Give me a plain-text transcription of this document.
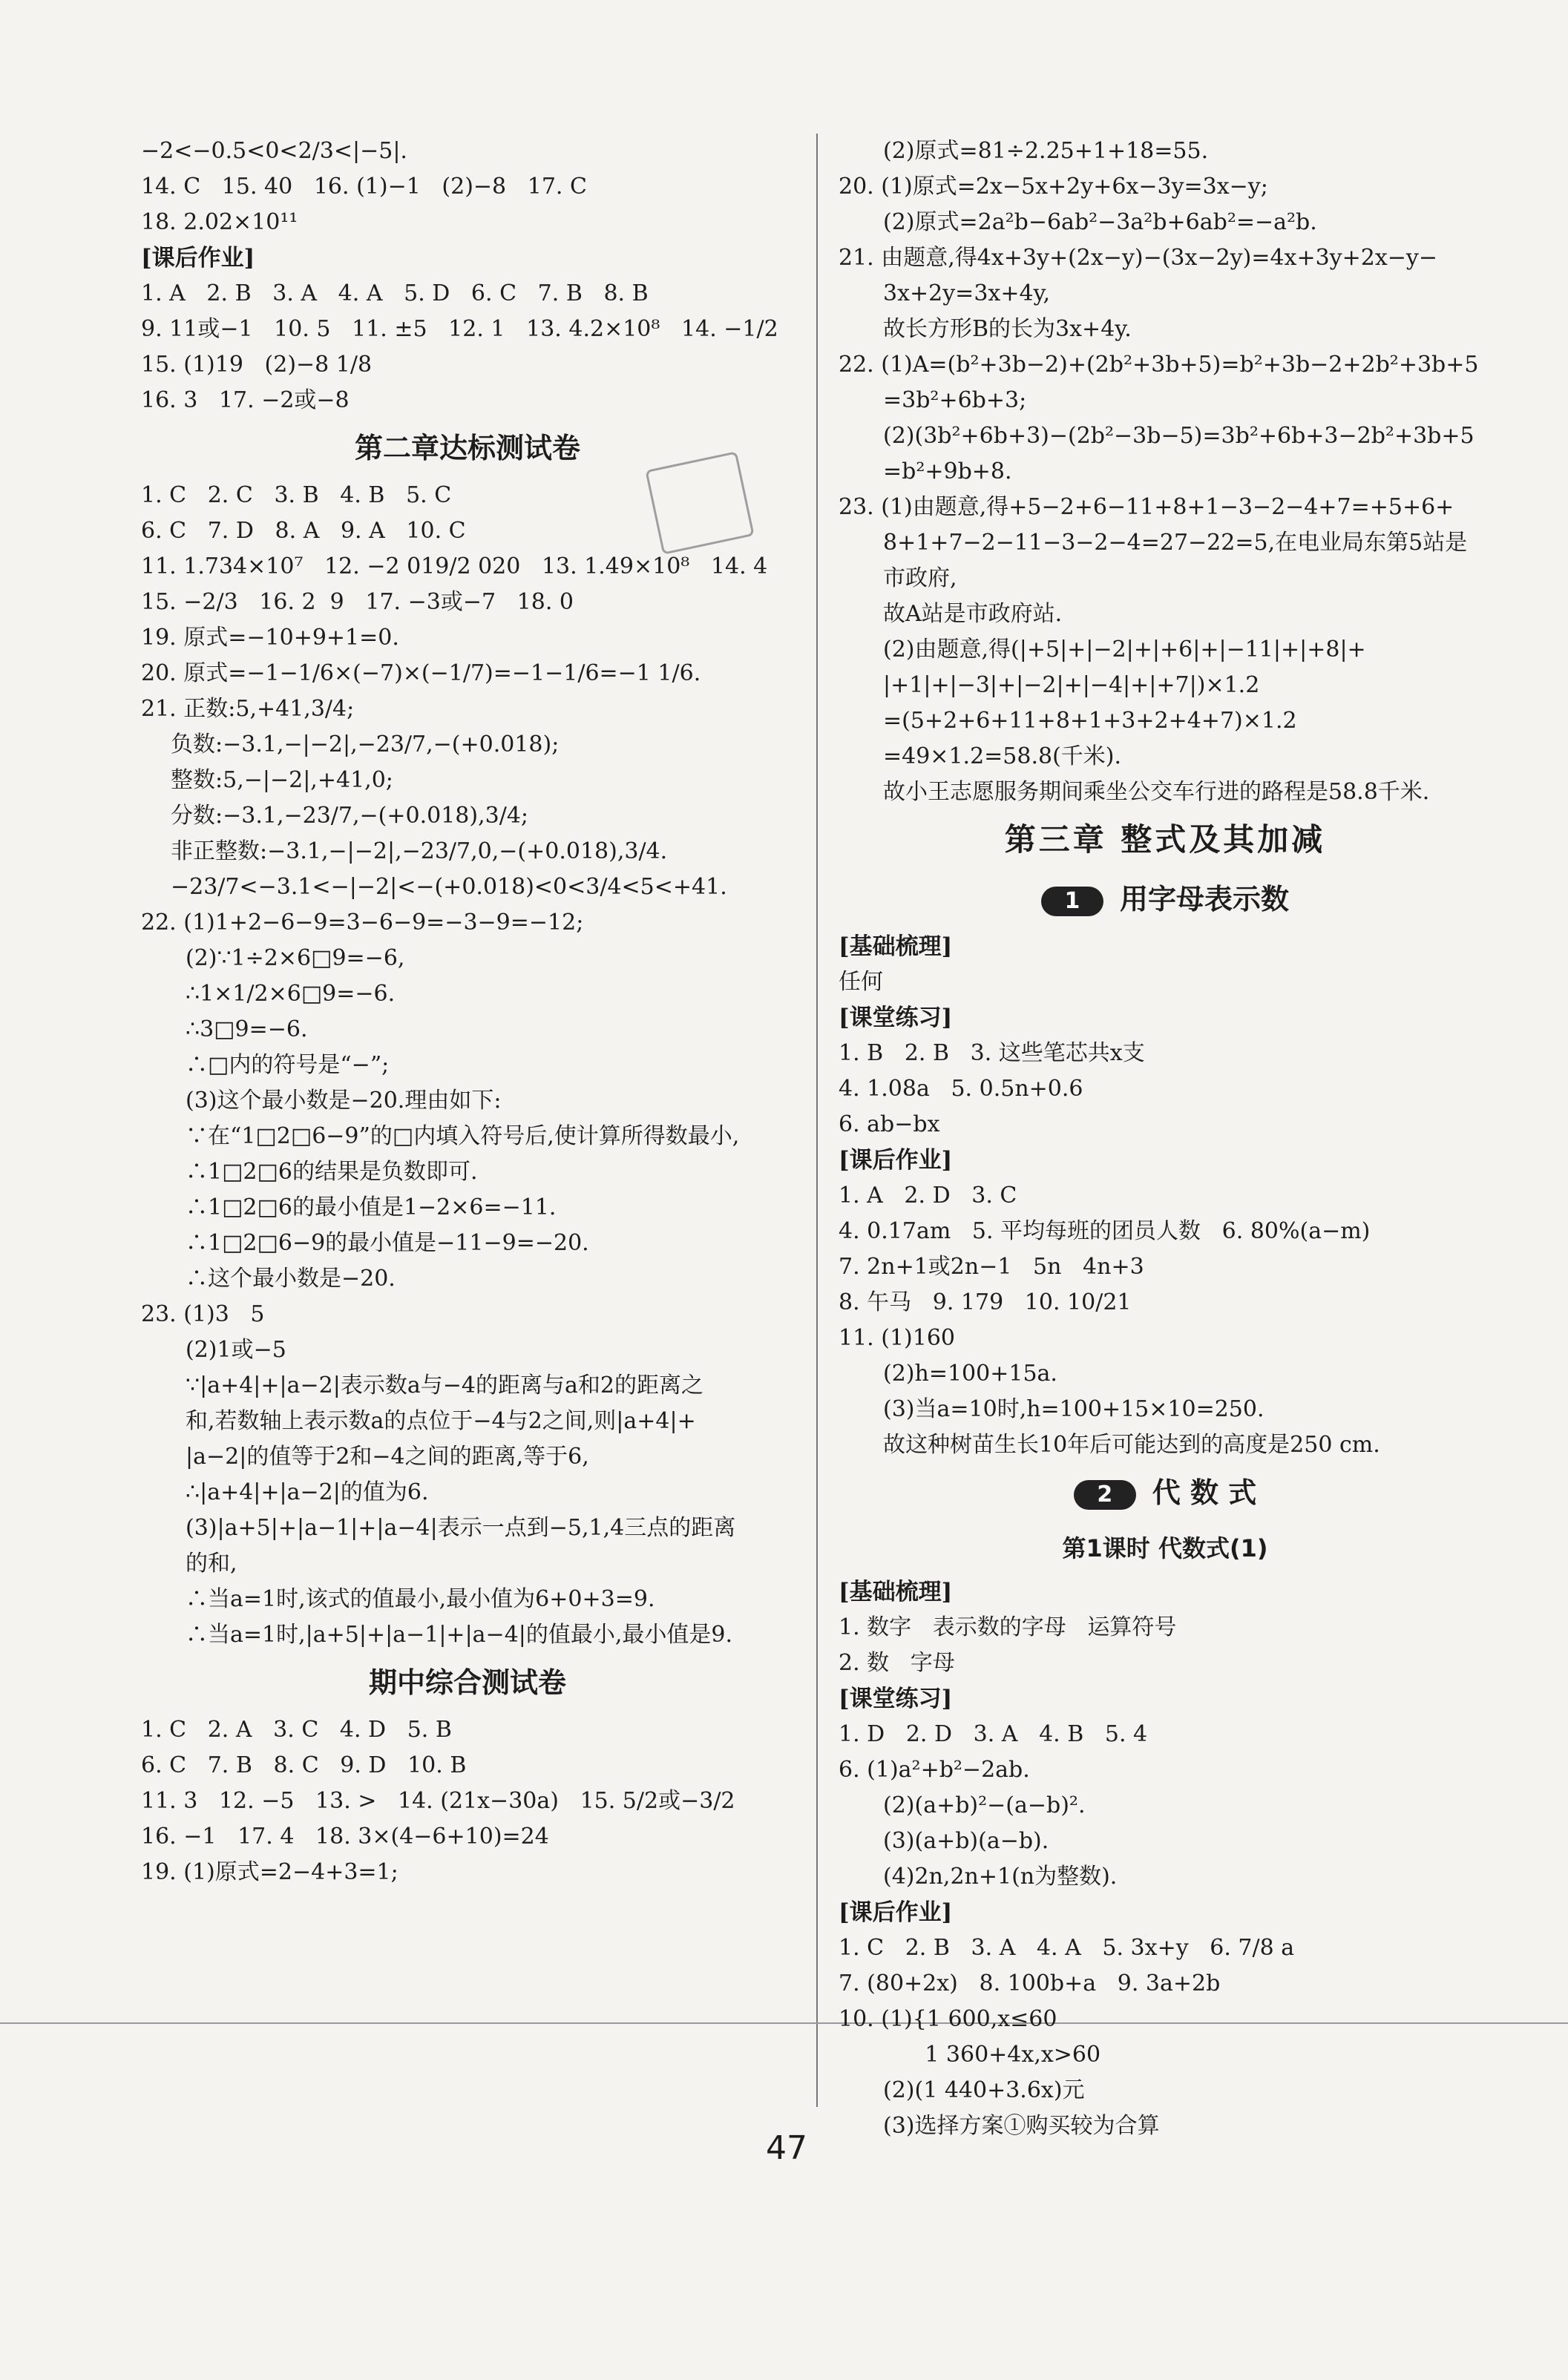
−2<−0.5<0<2/3<|−5|.
14. C   15. 40   16. (1)−1   (2)−8   17. C
18. 2.02×10¹¹
[课后作业]
1. A   2. B   3. A   4. A   5. D   6. C   7. B   8. B
9. 11或−1   10. 5   11. ±5   12. 1   13. 4.2×10⁸   14. −1/2
15. (1)19   (2)−8 1/8
16. 3   17. −2或−8
第二章达标测试卷
1. C   2. C   3. B   4. B   5. C
6. C   7. D   8. A   9. A   10. C
11. 1.734×10⁷   12. −2 019/2 020   13. 1.49×10⁸   14. 4
15. −2/3   16. 2  9   17. −3或−7   18. 0
19. 原式=−10+9+1=0.
20. 原式=−1−1/6×(−7)×(−1/7)=−1−1/6=−1 1/6.
21. 正数:5,+41,3/4;
负数:−3.1,−|−2|,−23/7,−(+0.018);
整数:5,−|−2|,+41,0;
分数:−3.1,−23/7,−(+0.018),3/4;
非正整数:−3.1,−|−2|,−23/7,0,−(+0.018),3/4.
−23/7<−3.1<−|−2|<−(+0.018)<0<3/4<5<+41.
22. (1)1+2−6−9=3−6−9=−3−9=−12;
(2)∵1÷2×6□9=−6,
∴1×1/2×6□9=−6.
∴3□9=−6.
∴□内的符号是“−”;
(3)这个最小数是−20.理由如下:
∵在“1□2□6−9”的□内填入符号后,使计算所得数最小,
∴1□2□6的结果是负数即可.
∴1□2□6的最小值是1−2×6=−11.
∴1□2□6−9的最小值是−11−9=−20.
∴这个最小数是−20.
23. (1)3   5
(2)1或−5
∵|a+4|+|a−2|表示数a与−4的距离与a和2的距离之
和,若数轴上表示数a的点位于−4与2之间,则|a+4|+
|a−2|的值等于2和−4之间的距离,等于6,
∴|a+4|+|a−2|的值为6.
(3)|a+5|+|a−1|+|a−4|表示一点到−5,1,4三点的距离
的和,
∴当a=1时,该式的值最小,最小值为6+0+3=9.
∴当a=1时,|a+5|+|a−1|+|a−4|的值最小,最小值是9.
期中综合测试卷
1. C   2. A   3. C   4. D   5. B
6. C   7. B   8. C   9. D   10. B
11. 3   12. −5   13. >   14. (21x−30a)   15. 5/2或−3/2
16. −1   17. 4   18. 3×(4−6+10)=24
19. (1)原式=2−4+3=1;
(2)原式=81÷2.25+1+18=55.
20. (1)原式=2x−5x+2y+6x−3y=3x−y;
(2)原式=2a²b−6ab²−3a²b+6ab²=−a²b.
21. 由题意,得4x+3y+(2x−y)−(3x−2y)=4x+3y+2x−y−
3x+2y=3x+4y,
故长方形B的长为3x+4y.
22. (1)A=(b²+3b−2)+(2b²+3b+5)=b²+3b−2+2b²+3b+5
=3b²+6b+3;
(2)(3b²+6b+3)−(2b²−3b−5)=3b²+6b+3−2b²+3b+5
=b²+9b+8.
23. (1)由题意,得+5−2+6−11+8+1−3−2−4+7=+5+6+
8+1+7−2−11−3−2−4=27−22=5,在电业局东第5站是
市政府,
故A站是市政府站.
(2)由题意,得(|+5|+|−2|+|+6|+|−11|+|+8|+
|+1|+|−3|+|−2|+|−4|+|+7|)×1.2
=(5+2+6+11+8+1+3+2+4+7)×1.2
=49×1.2=58.8(千米).
故小王志愿服务期间乘坐公交车行进的路程是58.8千米.
第三章 整式及其加减
1 用字母表示数
[基础梳理]
任何
[课堂练习]
1. B   2. B   3. 这些笔芯共x支
4. 1.08a   5. 0.5n+0.6
6. ab−bx
[课后作业]
1. A   2. D   3. C
4. 0.17am   5. 平均每班的团员人数   6. 80%(a−m)
7. 2n+1或2n−1   5n   4n+3
8. 午马   9. 179   10. 10/21
11. (1)160
(2)h=100+15a.
(3)当a=10时,h=100+15×10=250.
故这种树苗生长10年后可能达到的高度是250 cm.
2 代 数 式
第1课时 代数式(1)
[基础梳理]
1. 数字   表示数的字母   运算符号
2. 数   字母
[课堂练习]
1. D   2. D   3. A   4. B   5. 4
6. (1)a²+b²−2ab.
(2)(a+b)²−(a−b)².
(3)(a+b)(a−b).
(4)2n,2n+1(n为整数).
[课后作业]
1. C   2. B   3. A   4. A   5. 3x+y   6. 7/8 a
7. (80+2x)   8. 100b+a   9. 3a+2b
10. (1){1 600,x≤60
1 360+4x,x>60
(2)(1 440+3.6x)元
(3)选择方案①购买较为合算
47
